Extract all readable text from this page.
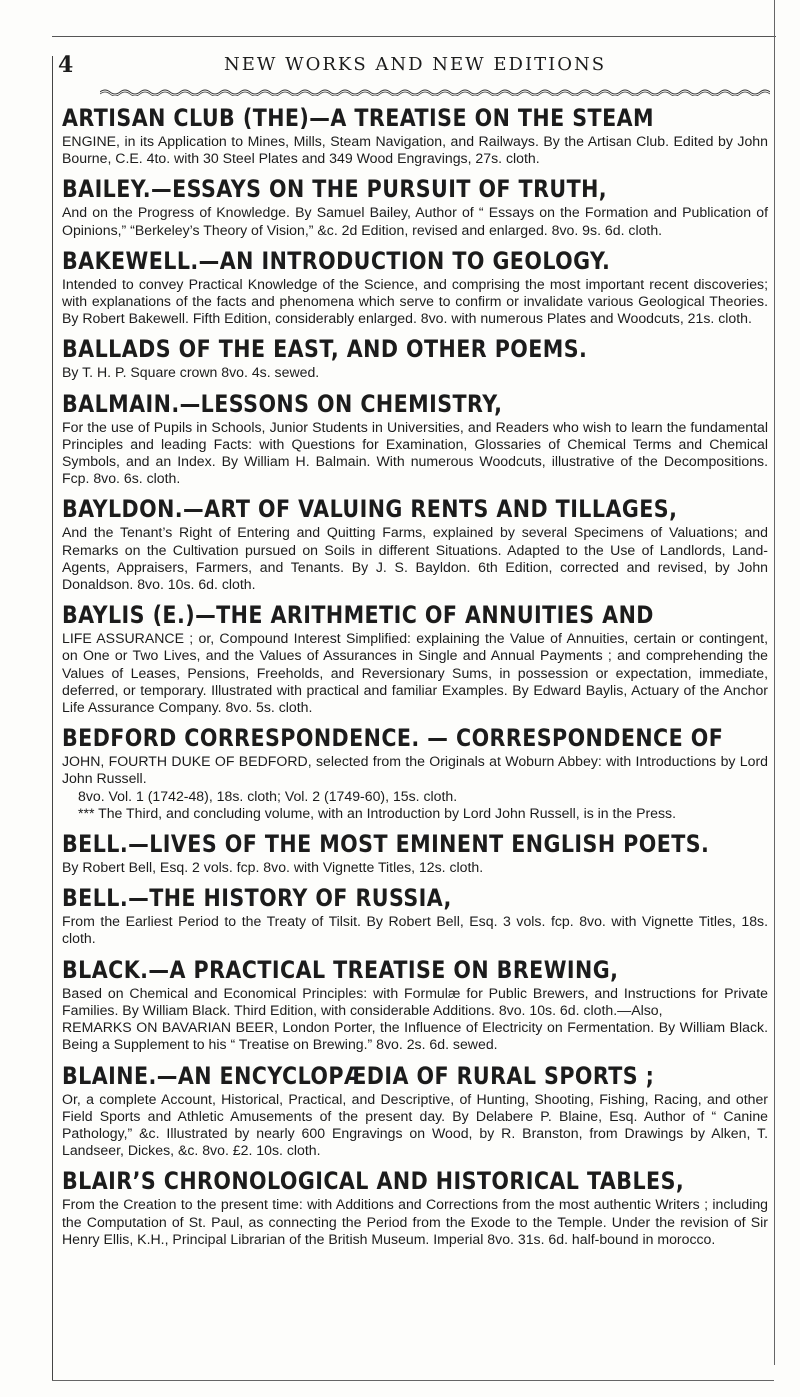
4	NEW WORKS AND NEW EDITIONS
ARTISAN CLUB (THE)—A TREATISE ON THE STEAM
ENGINE, in its Application to Mines, Mills, Steam Navigation, and Railways. By the Artisan Club. Edited by John Bourne, C.E. 4to. with 30 Steel Plates and 349 Wood Engravings, 27s. cloth.
BAILEY.—ESSAYS ON THE PURSUIT OF TRUTH,
And on the Progress of Knowledge. By Samuel Bailey, Author of “ Essays on the Formation and Publication of Opinions,” “Berkeley’s Theory of Vision,” &c. 2d Edition, revised and enlarged. 8vo. 9s. 6d. cloth.
BAKEWELL.—AN INTRODUCTION TO GEOLOGY.
Intended to convey Practical Knowledge of the Science, and comprising the most important recent discoveries; with explanations of the facts and phenomena which serve to confirm or invalidate various Geological Theories. By Robert Bakewell. Fifth Edition, considerably enlarged. 8vo. with numerous Plates and Woodcuts, 21s. cloth.
BALLADS OF THE EAST, AND OTHER POEMS.
By T. H. P. Square crown 8vo. 4s. sewed.
BALMAIN.—LESSONS ON CHEMISTRY,
For the use of Pupils in Schools, Junior Students in Universities, and Readers who wish to learn the fundamental Principles and leading Facts: with Questions for Examination, Glossaries of Chemical Terms and Chemical Symbols, and an Index. By William H. Balmain. With numerous Woodcuts, illustrative of the Decompositions. Fcp. 8vo. 6s. cloth.
BAYLDON.—ART OF VALUING RENTS AND TILLAGES,
And the Tenant’s Right of Entering and Quitting Farms, explained by several Specimens of Valuations; and Remarks on the Cultivation pursued on Soils in different Situations. Adapted to the Use of Landlords, Land-Agents, Appraisers, Farmers, and Tenants. By J. S. Bayldon. 6th Edition, corrected and revised, by John Donaldson. 8vo. 10s. 6d. cloth.
BAYLIS (E.)—THE ARITHMETIC OF ANNUITIES AND
LIFE ASSURANCE ; or, Compound Interest Simplified: explaining the Value of Annuities, certain or contingent, on One or Two Lives, and the Values of Assurances in Single and Annual Payments ; and comprehending the Values of Leases, Pensions, Freeholds, and Reversionary Sums, in possession or expectation, immediate, deferred, or temporary. Illustrated with practical and familiar Examples. By Edward Baylis, Actuary of the Anchor Life Assurance Company. 8vo. 5s. cloth.
BEDFORD CORRESPONDENCE. — CORRESPONDENCE OF
JOHN, FOURTH DUKE OF BEDFORD, selected from the Originals at Woburn Abbey: with Introductions by Lord John Russell.
8vo. Vol. 1 (1742-48), 18s. cloth; Vol. 2 (1749-60), 15s. cloth.
*** The Third, and concluding volume, with an Introduction by Lord John Russell, is in the Press.
BELL.—LIVES OF THE MOST EMINENT ENGLISH POETS.
By Robert Bell, Esq. 2 vols. fcp. 8vo. with Vignette Titles, 12s. cloth.
BELL.—THE HISTORY OF RUSSIA,
From the Earliest Period to the Treaty of Tilsit. By Robert Bell, Esq. 3 vols. fcp. 8vo. with Vignette Titles, 18s. cloth.
BLACK.—A PRACTICAL TREATISE ON BREWING,
Based on Chemical and Economical Principles: with Formulæ for Public Brewers, and Instructions for Private Families. By William Black. Third Edition, with considerable Additions. 8vo. 10s. 6d. cloth.—Also,
REMARKS ON BAVARIAN BEER, London Porter, the Influence of Electricity on Fermentation. By William Black. Being a Supplement to his “ Treatise on Brewing.” 8vo. 2s. 6d. sewed.
BLAINE.—AN ENCYCLOPÆDIA OF RURAL SPORTS ;
Or, a complete Account, Historical, Practical, and Descriptive, of Hunting, Shooting, Fishing, Racing, and other Field Sports and Athletic Amusements of the present day. By Delabere P. Blaine, Esq. Author of “ Canine Pathology,” &c. Illustrated by nearly 600 Engravings on Wood, by R. Branston, from Drawings by Alken, T. Landseer, Dickes, &c. 8vo. £2. 10s. cloth.
BLAIR’S CHRONOLOGICAL AND HISTORICAL TABLES,
From the Creation to the present time: with Additions and Corrections from the most authentic Writers ; including the Computation of St. Paul, as connecting the Period from the Exode to the Temple. Under the revision of Sir Henry Ellis, K.H., Principal Librarian of the British Museum. Imperial 8vo. 31s. 6d. half-bound in morocco.
